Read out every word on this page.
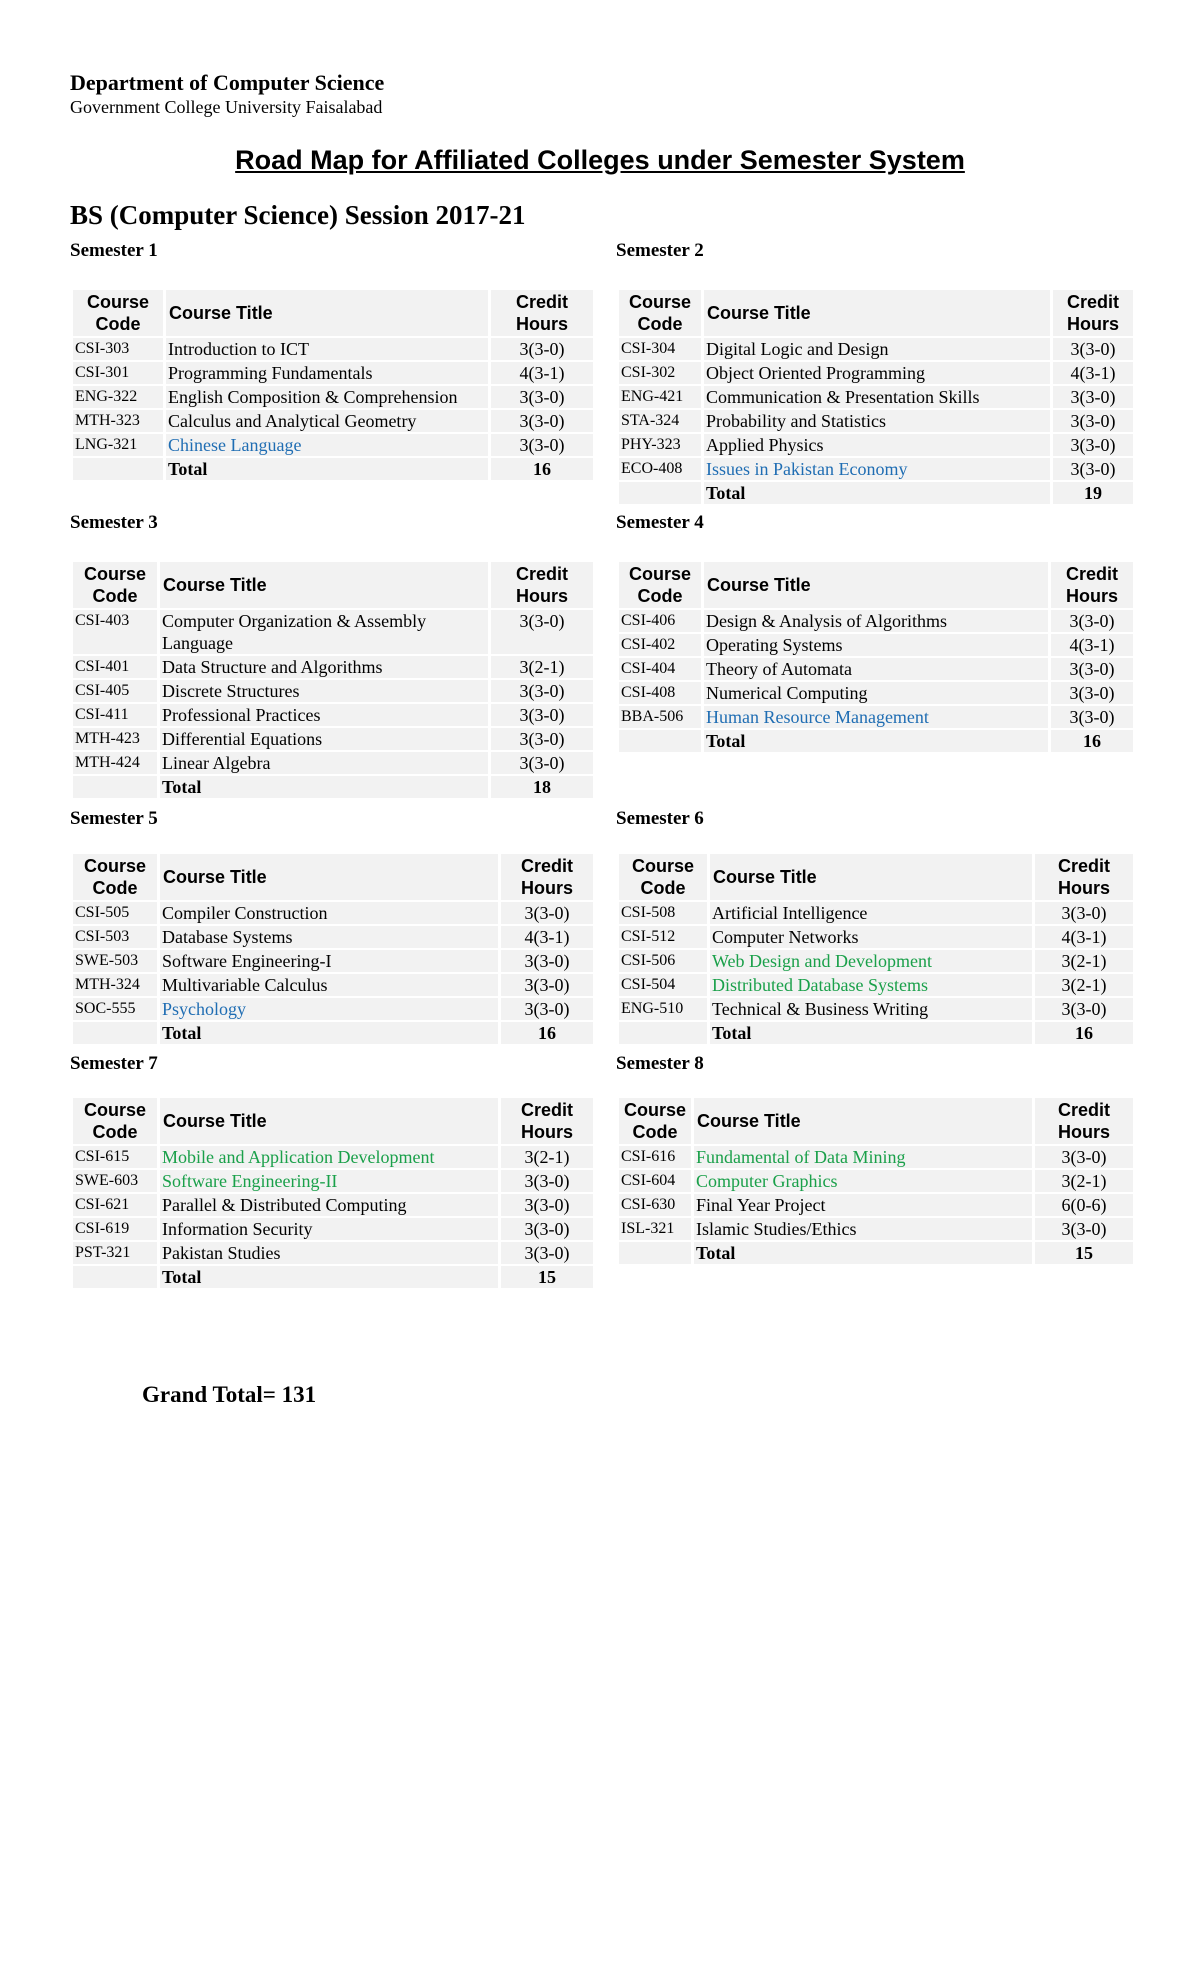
Department of Computer Science
Government College University Faisalabad
Road Map for Affiliated Colleges under Semester System
BS (Computer Science) Session 2017-21
Semester 1	Semester 2
Semester 3	Semester 4
Semester 5	Semester 6
Semester 7	Semester 8
Course Code	Course Title	Credit Hours
CSI-303	Introduction to ICT	3(3-0)
CSI-301	Programming Fundamentals	4(3-1)
ENG-322	English Composition & Comprehension	3(3-0)
MTH-323	Calculus and Analytical Geometry	3(3-0)
LNG-321	Chinese Language	3(3-0)
	Total	16
Course Code	Course Title	Credit Hours
CSI-304	Digital Logic and Design	3(3-0)
CSI-302	Object Oriented Programming	4(3-1)
ENG-421	Communication & Presentation Skills	3(3-0)
STA-324	Probability and Statistics	3(3-0)
PHY-323	Applied Physics	3(3-0)
ECO-408	Issues in Pakistan Economy	3(3-0)
	Total	19
Course Code	Course Title	Credit Hours
CSI-403	Computer Organization & Assembly Language	3(3-0)
CSI-401	Data Structure and Algorithms	3(2-1)
CSI-405	Discrete Structures	3(3-0)
CSI-411	Professional Practices	3(3-0)
MTH-423	Differential Equations	3(3-0)
MTH-424	Linear Algebra	3(3-0)
	Total	18
Course Code	Course Title	Credit Hours
CSI-406	Design & Analysis of Algorithms	3(3-0)
CSI-402	Operating Systems	4(3-1)
CSI-404	Theory of Automata	3(3-0)
CSI-408	Numerical Computing	3(3-0)
BBA-506	Human Resource Management	3(3-0)
	Total	16
Course Code	Course Title	Credit Hours
CSI-505	Compiler Construction	3(3-0)
CSI-503	Database Systems	4(3-1)
SWE-503	Software Engineering-I	3(3-0)
MTH-324	Multivariable Calculus	3(3-0)
SOC-555	Psychology	3(3-0)
	Total	16
Course Code	Course Title	Credit Hours
CSI-508	Artificial Intelligence	3(3-0)
CSI-512	Computer Networks	4(3-1)
CSI-506	Web Design and Development	3(2-1)
CSI-504	Distributed Database Systems	3(2-1)
ENG-510	Technical & Business Writing	3(3-0)
	Total	16
Course Code	Course Title	Credit Hours
CSI-615	Mobile and Application Development	3(2-1)
SWE-603	Software Engineering-II	3(3-0)
CSI-621	Parallel & Distributed Computing	3(3-0)
CSI-619	Information Security	3(3-0)
PST-321	Pakistan Studies	3(3-0)
	Total	15
Course Code	Course Title	Credit Hours
CSI-616	Fundamental of Data Mining	3(3-0)
CSI-604	Computer Graphics	3(2-1)
CSI-630	Final Year Project	6(0-6)
ISL-321	Islamic Studies/Ethics	3(3-0)
	Total	15
Grand Total= 131
